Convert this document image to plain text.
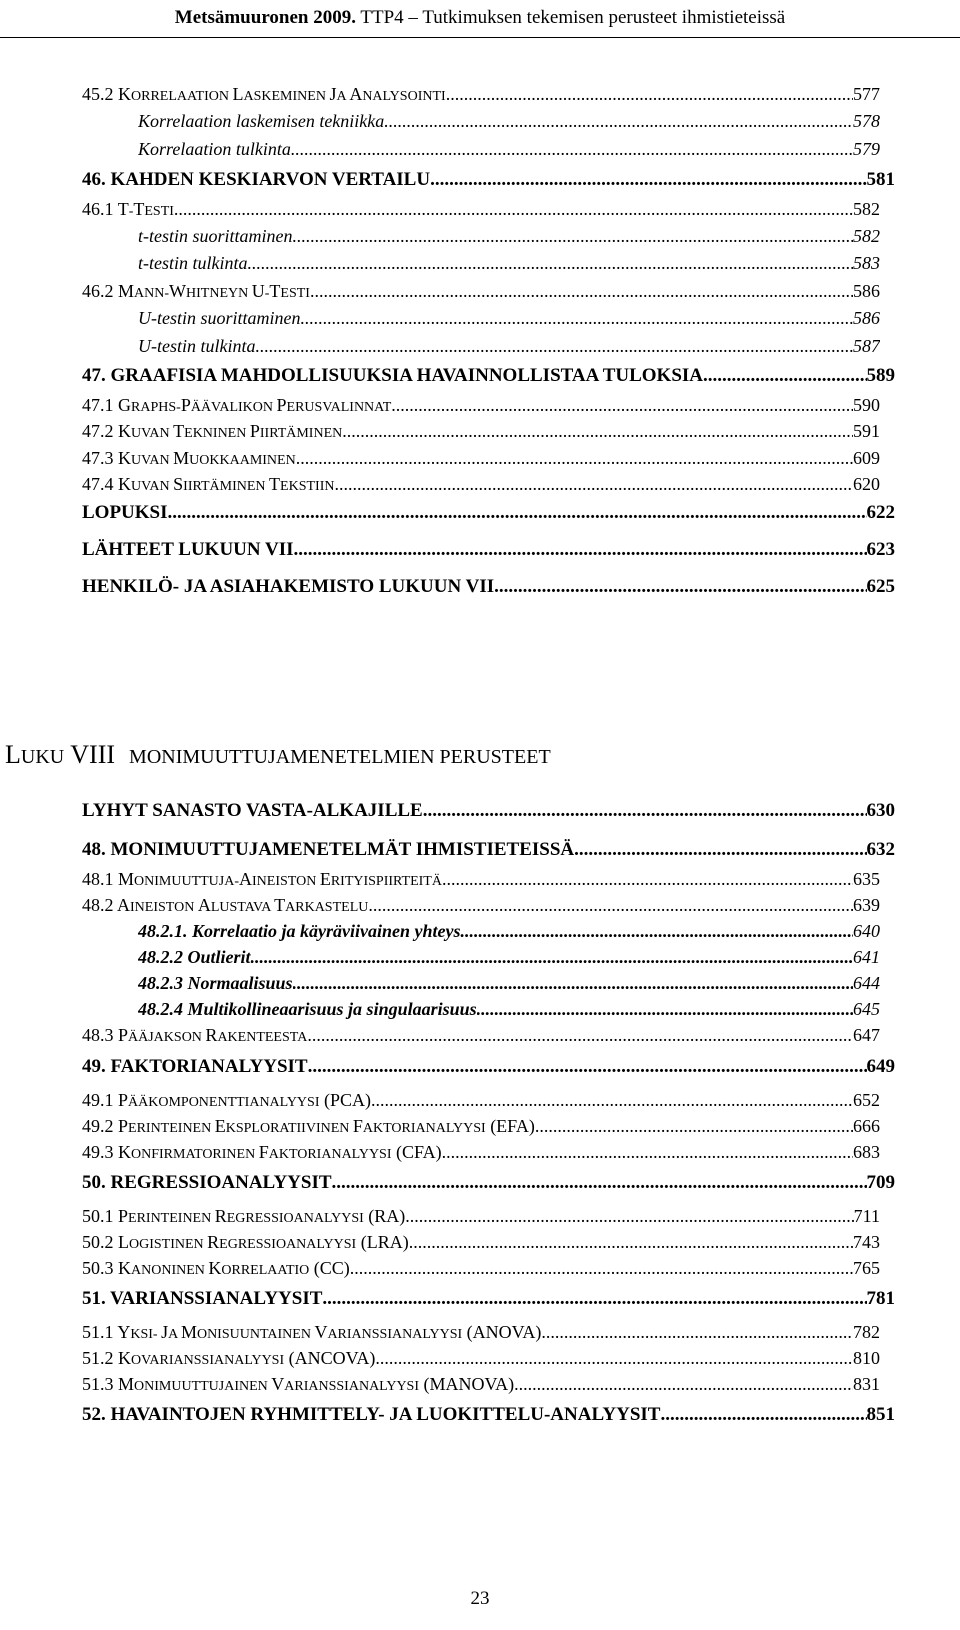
Metsämuuronen 2009. TTP4 – Tutkimuksen tekemisen perusteet ihmistieteissä
45.2 KORRELAATION LASKEMINEN JA ANALYSOINTI .....	577
Korrelaation laskemisen tekniikka .....	578
Korrelaation tulkinta .....	579
46. KAHDEN KESKIARVON VERTAILU .....	581
46.1 T-TESTI .....	582
t-testin suorittaminen .....	582
t-testin tulkinta .....	583
46.2 MANN-WHITNEYN U-TESTI .....	586
U-testin suorittaminen .....	586
U-testin tulkinta .....	587
47. GRAAFISIA MAHDOLLISUUKSIA HAVAINNOLLISTAA TULOKSIA .....	589
47.1 GRAPHS-PÄÄVALIKON PERUSVALINNAT .....	590
47.2 KUVAN TEKNINEN PIIRTÄMINEN .....	591
47.3 KUVAN MUOKKAAMINEN .....	609
47.4 KUVAN SIIRTÄMINEN TEKSTIIN .....	620
LOPUKSI .....	622
LÄHTEET LUKUUN VII .....	623
HENKILÖ- JA ASIAHAKEMISTO LUKUUN VII .....	625
LYHYT SANASTO VASTA-ALKAJILLE .....	630
48. MONIMUUTTUJAMENETELMÄT IHMISTIETEISSÄ .....	632
48.1 MONIMUUTTUJA-AINEISTON ERITYISPIIRTEITÄ .....	635
48.2 AINEISTON ALUSTAVA TARKASTELU .....	639
48.2.1. Korrelaatio ja käyräviivainen yhteys .....	640
48.2.2 Outlierit .....	641
48.2.3 Normaalisuus .....	644
48.2.4 Multikollineaarisuus ja singulaarisuus .....	645
48.3 PÄÄJAKSON RAKENTEESTA .....	647
49. FAKTORIANALYYSIT .....	649
49.1 PÄÄKOMPONENTTIANALYYSI (PCA) .....	652
49.2 PERINTEINEN EKSPLORATIIVINEN FAKTORIANALYYSI (EFA) .....	666
49.3 KONFIRMATORINEN FAKTORIANALYYSI (CFA) .....	683
50. REGRESSIOANALYYSIT .....	709
50.1 PERINTEINEN REGRESSIOANALYYSI (RA) .....	711
50.2 LOGISTINEN REGRESSIOANALYYSI (LRA) .....	743
50.3 KANONINEN KORRELAATIO (CC) .....	765
51. VARIANSSIANALYYSIT .....	781
51.1 YKSI- JA MONISUUNTAINEN VARIANSSIANALYYSI (ANOVA) .....	782
51.2 KOVARIANSSIANALYYSI (ANCOVA) .....	810
51.3 MONIMUUTTUJAINEN VARIANSSIANALYYSI (MANOVA) .....	831
52. HAVAINTOJEN RYHMITTELY- JA LUOKITTELU-ANALYYSIT .....	851
LUKU VIII MONIMUUTTUJAMENETELMIEN PERUSTEET
23
